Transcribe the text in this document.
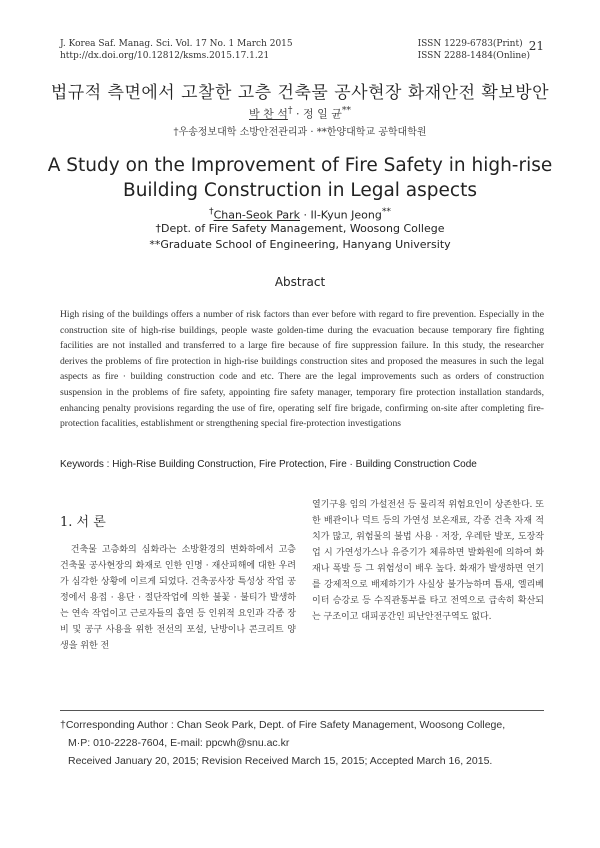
J. Korea Saf. Manag. Sci. Vol. 17 No. 1 March 2015
http://dx.doi.org/10.12812/ksms.2015.17.1.21
ISSN 1229-6783(Print)
ISSN 2288-1484(Online)
21
법규적 측면에서 고찰한 고층 건축물 공사현장 화재안전 확보방안
박 찬 석† · 정 일 균**
†우송정보대학 소방안전관리과 · **한양대학교 공학대학원
A Study on the Improvement of Fire Safety in high-rise
Building Construction in Legal aspects
†Chan-Seok Park · Il-Kyun Jeong**
†Dept. of Fire Safety Management, Woosong College
**Graduate School of Engineering, Hanyang University
Abstract
High rising of the buildings offers a number of risk factors than ever before with regard to fire prevention. Especially in the construction site of high-rise buildings, people waste golden-time during the evacuation because temporary fire fighting facilities are not installed and transferred to a large fire because of fire suppression failure. In this study, the researcher derives the problems of fire protection in high-rise buildings construction sites and proposed the measures in such the legal aspects as fire · building construction code and etc. There are the legal improvements such as orders of construction suspension in the problems of fire safety, appointing fire safety manager, temporary fire protection installation standards, enhancing penalty provisions regarding the use of fire, operating self fire brigade, confirming on-site after completing fire-protection facalities, establishment or strengthening special fire-protection investigations
Keywords : High-Rise Building Construction, Fire Protection, Fire · Building Construction Code
1. 서 론
건축물 고층화의 심화라는 소방환경의 변화하에서 고층 건축물 공사현장의 화재로 인한 인명 · 재산피해에 대한 우려가 심각한 상황에 이르게 되었다. 건축공사장 특성상 작업 공정에서 용접 · 용단 · 절단작업에 의한 불꽃 · 불티가 발생하는 연속 작업이고 근로자들의 흡연 등 인위적 요인과 각종 장비 및 공구 사용을 위한 전선의 포설, 난방이나 콘크리트 양생을 위한 전
열기구용 임의 가설전선 등 물리적 위험요인이 상존한다. 또한 배관이나 덕트 등의 가연성 보온재료, 각종 건축 자재 적치가 많고, 위험물의 불법 사용 · 저장, 우레탄 발포, 도장작업 시 가연성가스나 유증기가 체류하면 발화원에 의하여 화재나 폭발 등 그 위험성이 배우 높다. 화재가 발생하면 연기를 강제적으로 배제하기가 사실상 불가능하며 틈새, 엘리베이터 승강로 등 수직관통부를 타고 전역으로 급속히 확산되는 구조이고 대피공간인 피난안전구역도 없다.
†Corresponding Author : Chan Seok Park, Dept. of Fire Safety Management, Woosong College,
M·P: 010-2228-7604, E-mail: ppcwh@snu.ac.kr
Received January 20, 2015; Revision Received March 15, 2015; Accepted March 16, 2015.
